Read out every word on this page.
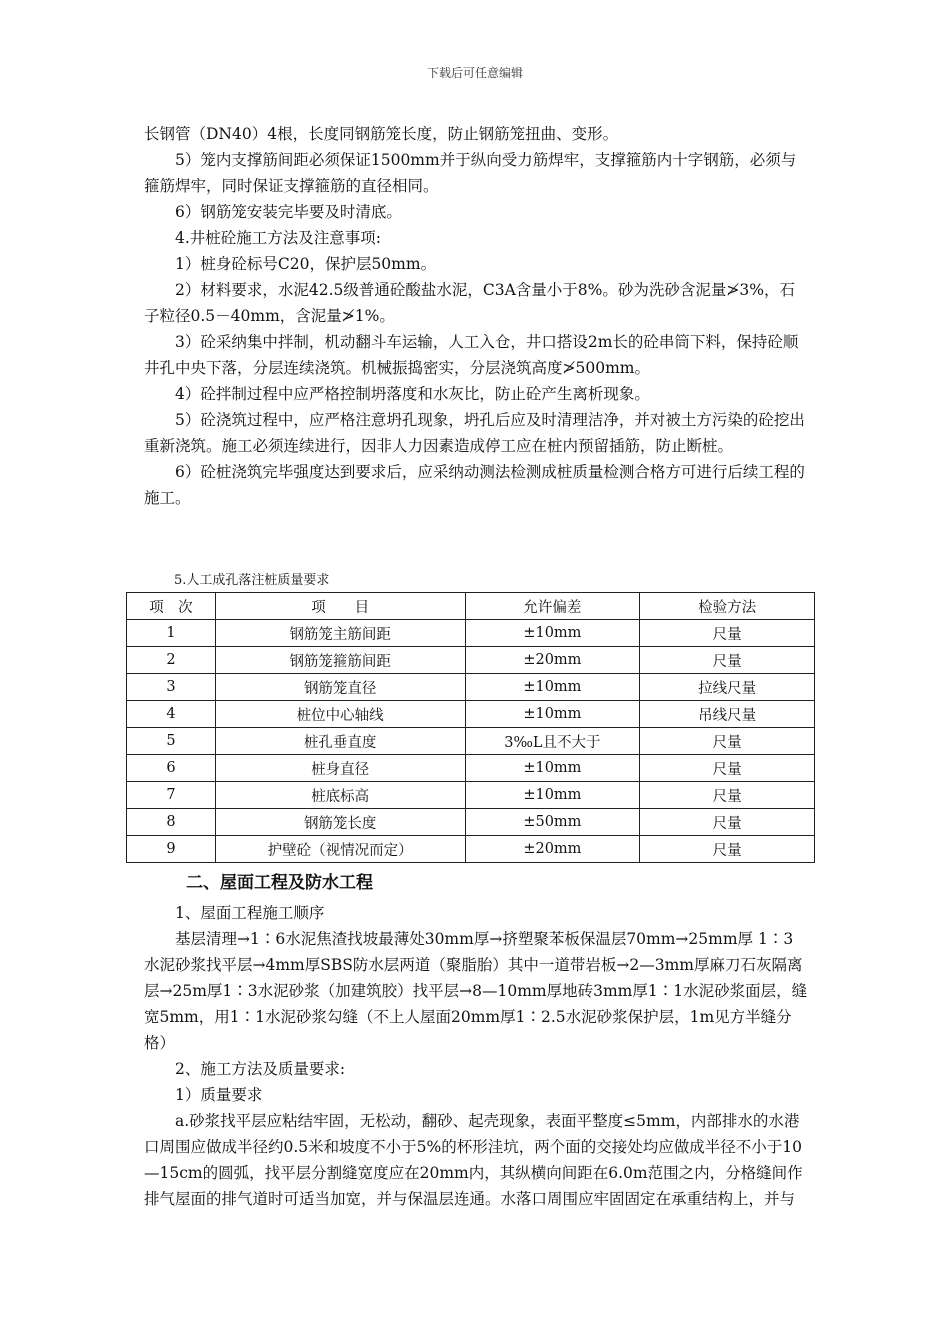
下载后可任意编辑

长钢管（DN40）4根，长度同钢筋笼长度，防止钢筋笼扭曲、变形。

5）笼内支撑筋间距必须保证1500mm并于纵向受力筋焊牢，支撑箍筋内十字钢筋，必须与箍筋焊牢，同时保证支撑箍筋的直径相同。

6）钢筋笼安装完毕要及时清底。

4.井桩砼施工方法及注意事项:

1）桩身砼标号C20，保护层50mm。

2）材料要求，水泥42.5级普通砼酸盐水泥，C3A含量小于8%。砂为洗砂含泥量≯3%，石子粒径0.5－40mm，含泥量≯1%。

3）砼采纳集中拌制，机动翻斗车运输，人工入仓，井口搭设2m长的砼串筒下料，保持砼顺井孔中央下落，分层连续浇筑。机械振捣密实，分层浇筑高度≯500mm。

4）砼拌制过程中应严格控制坍落度和水灰比，防止砼产生离析现象。

5）砼浇筑过程中，应严格注意坍孔现象，坍孔后应及时清理洁净，并对被土方污染的砼挖出重新浇筑。施工必须连续进行，因非人力因素造成停工应在桩内预留插筋，防止断桩。

6）砼桩浇筑完毕强度达到要求后，应采纳动测法检测成桩质量检测合格方可进行后续工程的施工。

5.人工成孔落注桩质量要求
项　次	项　　目	允许偏差	检验方法
1	钢筋笼主筋间距	±10mm	尺量
2	钢筋笼箍筋间距	±20mm	尺量
3	钢筋笼直径	±10mm	拉线尺量
4	桩位中心轴线	±10mm	吊线尺量
5	桩孔垂直度	3‰L且不大于	尺量
6	桩身直径	±10mm	尺量
7	桩底标高	±10mm	尺量
8	钢筋笼长度	±50mm	尺量
9	护壁砼（视情况而定）	±20mm	尺量
二、屋面工程及防水工程

1、屋面工程施工顺序

基层清理→1∶6水泥焦渣找坡最薄处30mm厚→挤塑聚苯板保温层70mm→25mm厚 1∶3水泥砂浆找平层→4mm厚SBS防水层两道（聚脂胎）其中一道带岩板→2—3mm厚麻刀石灰隔离层→25m厚1∶3水泥砂浆（加建筑胶）找平层→8—10mm厚地砖3mm厚1∶1水泥砂浆面层，缝宽5mm，用1∶1水泥砂浆勾缝（不上人屋面20mm厚1∶2.5水泥砂浆保护层，1m见方半缝分格）

2、施工方法及质量要求:

1）质量要求

a.砂浆找平层应粘结牢固，无松动，翻砂、起壳现象，表面平整度≤5mm，内部排水的水港口周围应做成半径约0.5米和坡度不小于5%的杯形洼坑，两个面的交接处均应做成半径不小于10—15cm的圆弧，找平层分割缝宽度应在20mm内，其纵横向间距在6.0m范围之内，分格缝间作排气屋面的排气道时可适当加宽，并与保温层连通。水落口周围应牢固固定在承重结构上，并与
